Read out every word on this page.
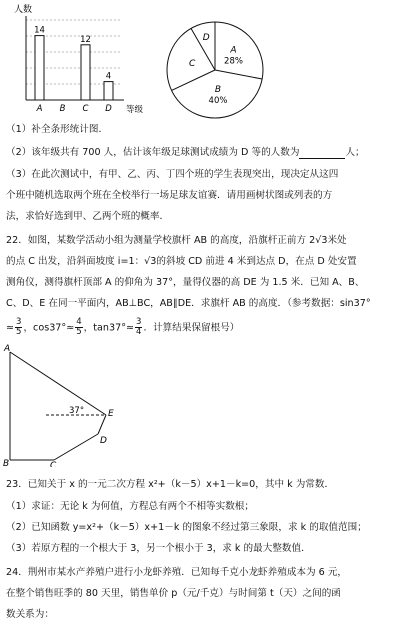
人数
14
A B
12
C
4
D 等级
A
28%
B
40%
C
D
（1）补全条形统计图．
（2）该年级共有 700 人，估计该年级足球测试成绩为 D 等的人数为	人；
（3）在此次测试中，有甲、乙、丙、丁四个班的学生表现突出，现决定从这四
个班中随机选取两个班在全校举行一场足球友谊赛．请用画树状图或列表的方
法，求恰好选到甲、乙两个班的概率．
22．如图，某数学活动小组为测量学校旗杆 AB 的高度，沿旗杆正前方 2√3米处
的点 C 出发，沿斜面坡度 i=1：√3的斜坡 CD 前进 4 米到达点 D，在点 D 处安置
测角仪，测得旗杆顶部 A 的仰角为 37°，量得仪器的高 DE 为 1.5 米．已知 A、B、
C、D、E 在同一平面内，AB⊥BC，AB∥DE．求旗杆 AB 的高度．（参考数据：sin37°
≈ $\frac{3}{5}$ ，$\cos 37^\circ\approx \frac{4}{5}$ ，$\tan 37^\circ\approx \frac{3}{4}$ ．计算结果保留根号）
A
B	C
D
E
37°
23．已知关于 x 的一元二次方程 x²+（k－5）x+1－k=0，其中 k 为常数．
（1）求证：无论 k 为何值，方程总有两个不相等实数根；
（2）已知函数 y=x²+（k－5）x+1－k 的图象不经过第三象限，求 k 的取值范围；
（3）若原方程的一个根大于 3，另一个根小于 3，求 k 的最大整数值．
24．荆州市某水产养殖户进行小龙虾养殖．已知每千克小龙虾养殖成本为 6 元，
在整个销售旺季的 80 天里，销售单价 p（元/千克）与时间第 t（天）之间的函
数关系为：
